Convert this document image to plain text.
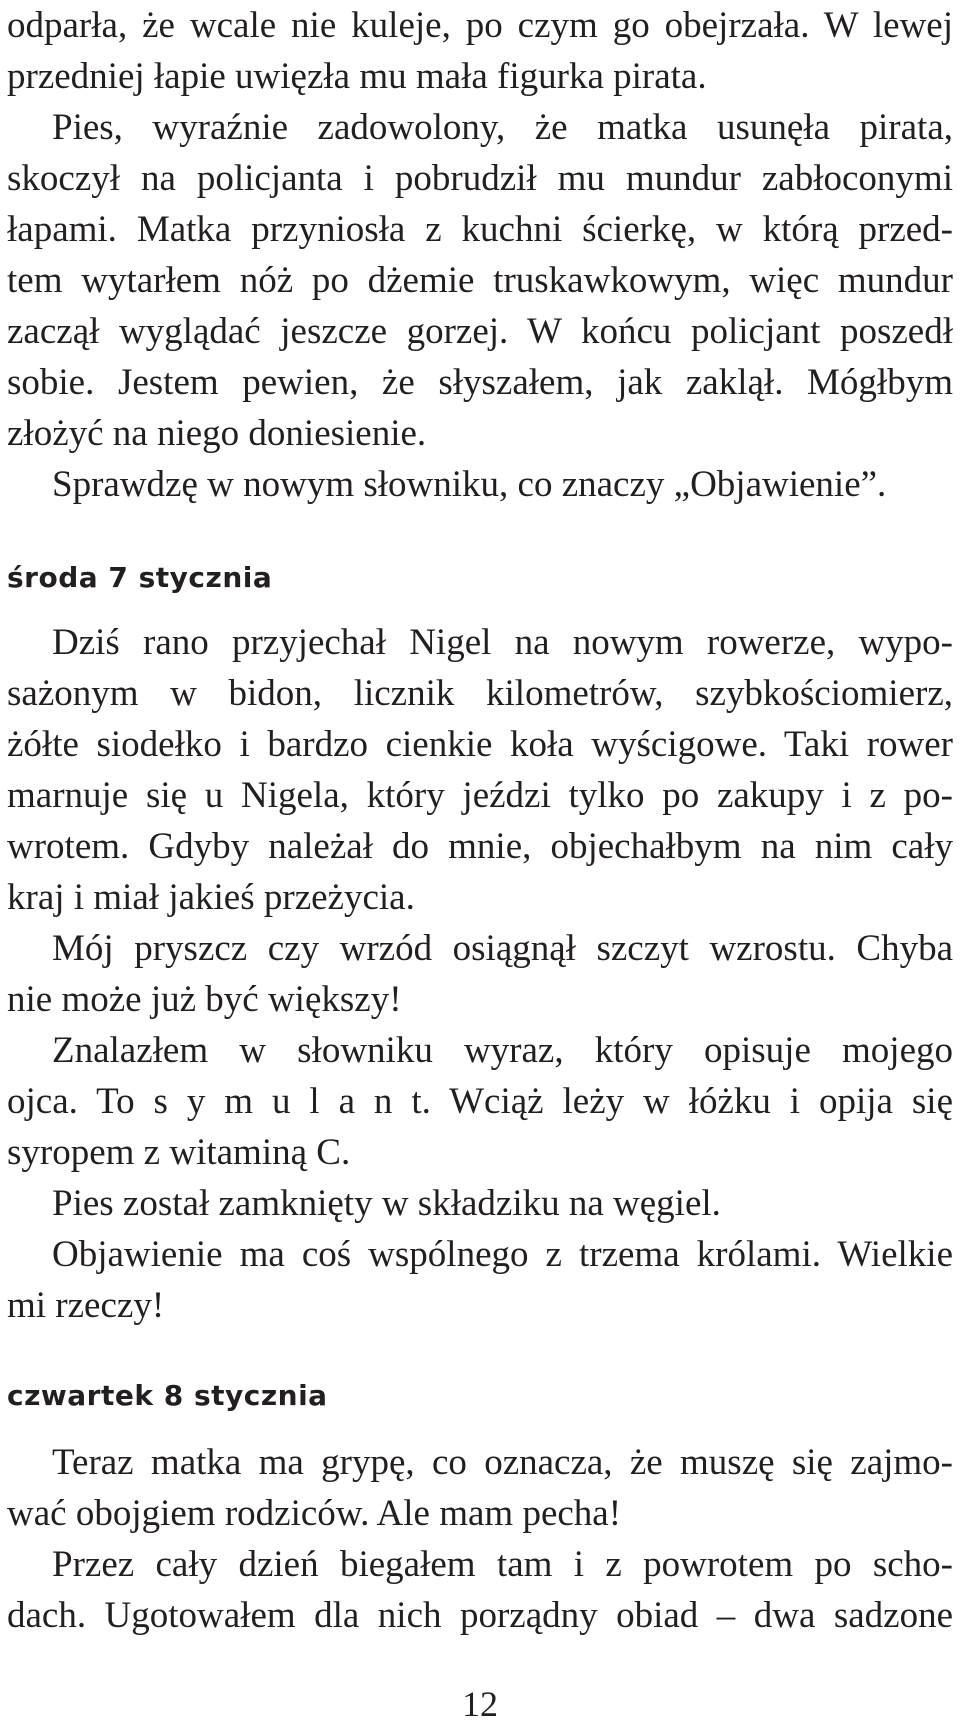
odparła, że wcale nie kuleje, po czym go obejrzała. W lewej
przedniej łapie uwięzła mu mała figurka pirata.
Pies, wyraźnie zadowolony, że matka usunęła pirata,
skoczył na policjanta i pobrudził mu mundur zabłoconymi
łapami. Matka przyniosła z kuchni ścierkę, w którą przed-
tem wytarłem nóż po dżemie truskawkowym, więc mundur
zaczął wyglądać jeszcze gorzej. W końcu policjant poszedł
sobie. Jestem pewien, że słyszałem, jak zaklął. Mógłbym
złożyć na niego doniesienie.
Sprawdzę w nowym słowniku, co znaczy „Objawienie”.
środa 7 stycznia
Dziś rano przyjechał Nigel na nowym rowerze, wypo-
sażonym w bidon, licznik kilometrów, szybkościomierz,
żółte siodełko i bardzo cienkie koła wyścigowe. Taki rower
marnuje się u Nigela, który jeździ tylko po zakupy i z po-
wrotem. Gdyby należał do mnie, objechałbym na nim cały
kraj i miał jakieś przeżycia.
Mój pryszcz czy wrzód osiągnął szczyt wzrostu. Chyba
nie może już być większy!
Znalazłem w słowniku wyraz, który opisuje mojego
ojca. To s y m u l a n t. Wciąż leży w łóżku i opija się
syropem z witaminą C.
Pies został zamknięty w składziku na węgiel.
Objawienie ma coś wspólnego z trzema królami. Wielkie
mi rzeczy!
czwartek 8 stycznia
Teraz matka ma grypę, co oznacza, że muszę się zajmo-
wać obojgiem rodziców. Ale mam pecha!
Przez cały dzień biegałem tam i z powrotem po scho-
dach. Ugotowałem dla nich porządny obiad – dwa sadzone
12
